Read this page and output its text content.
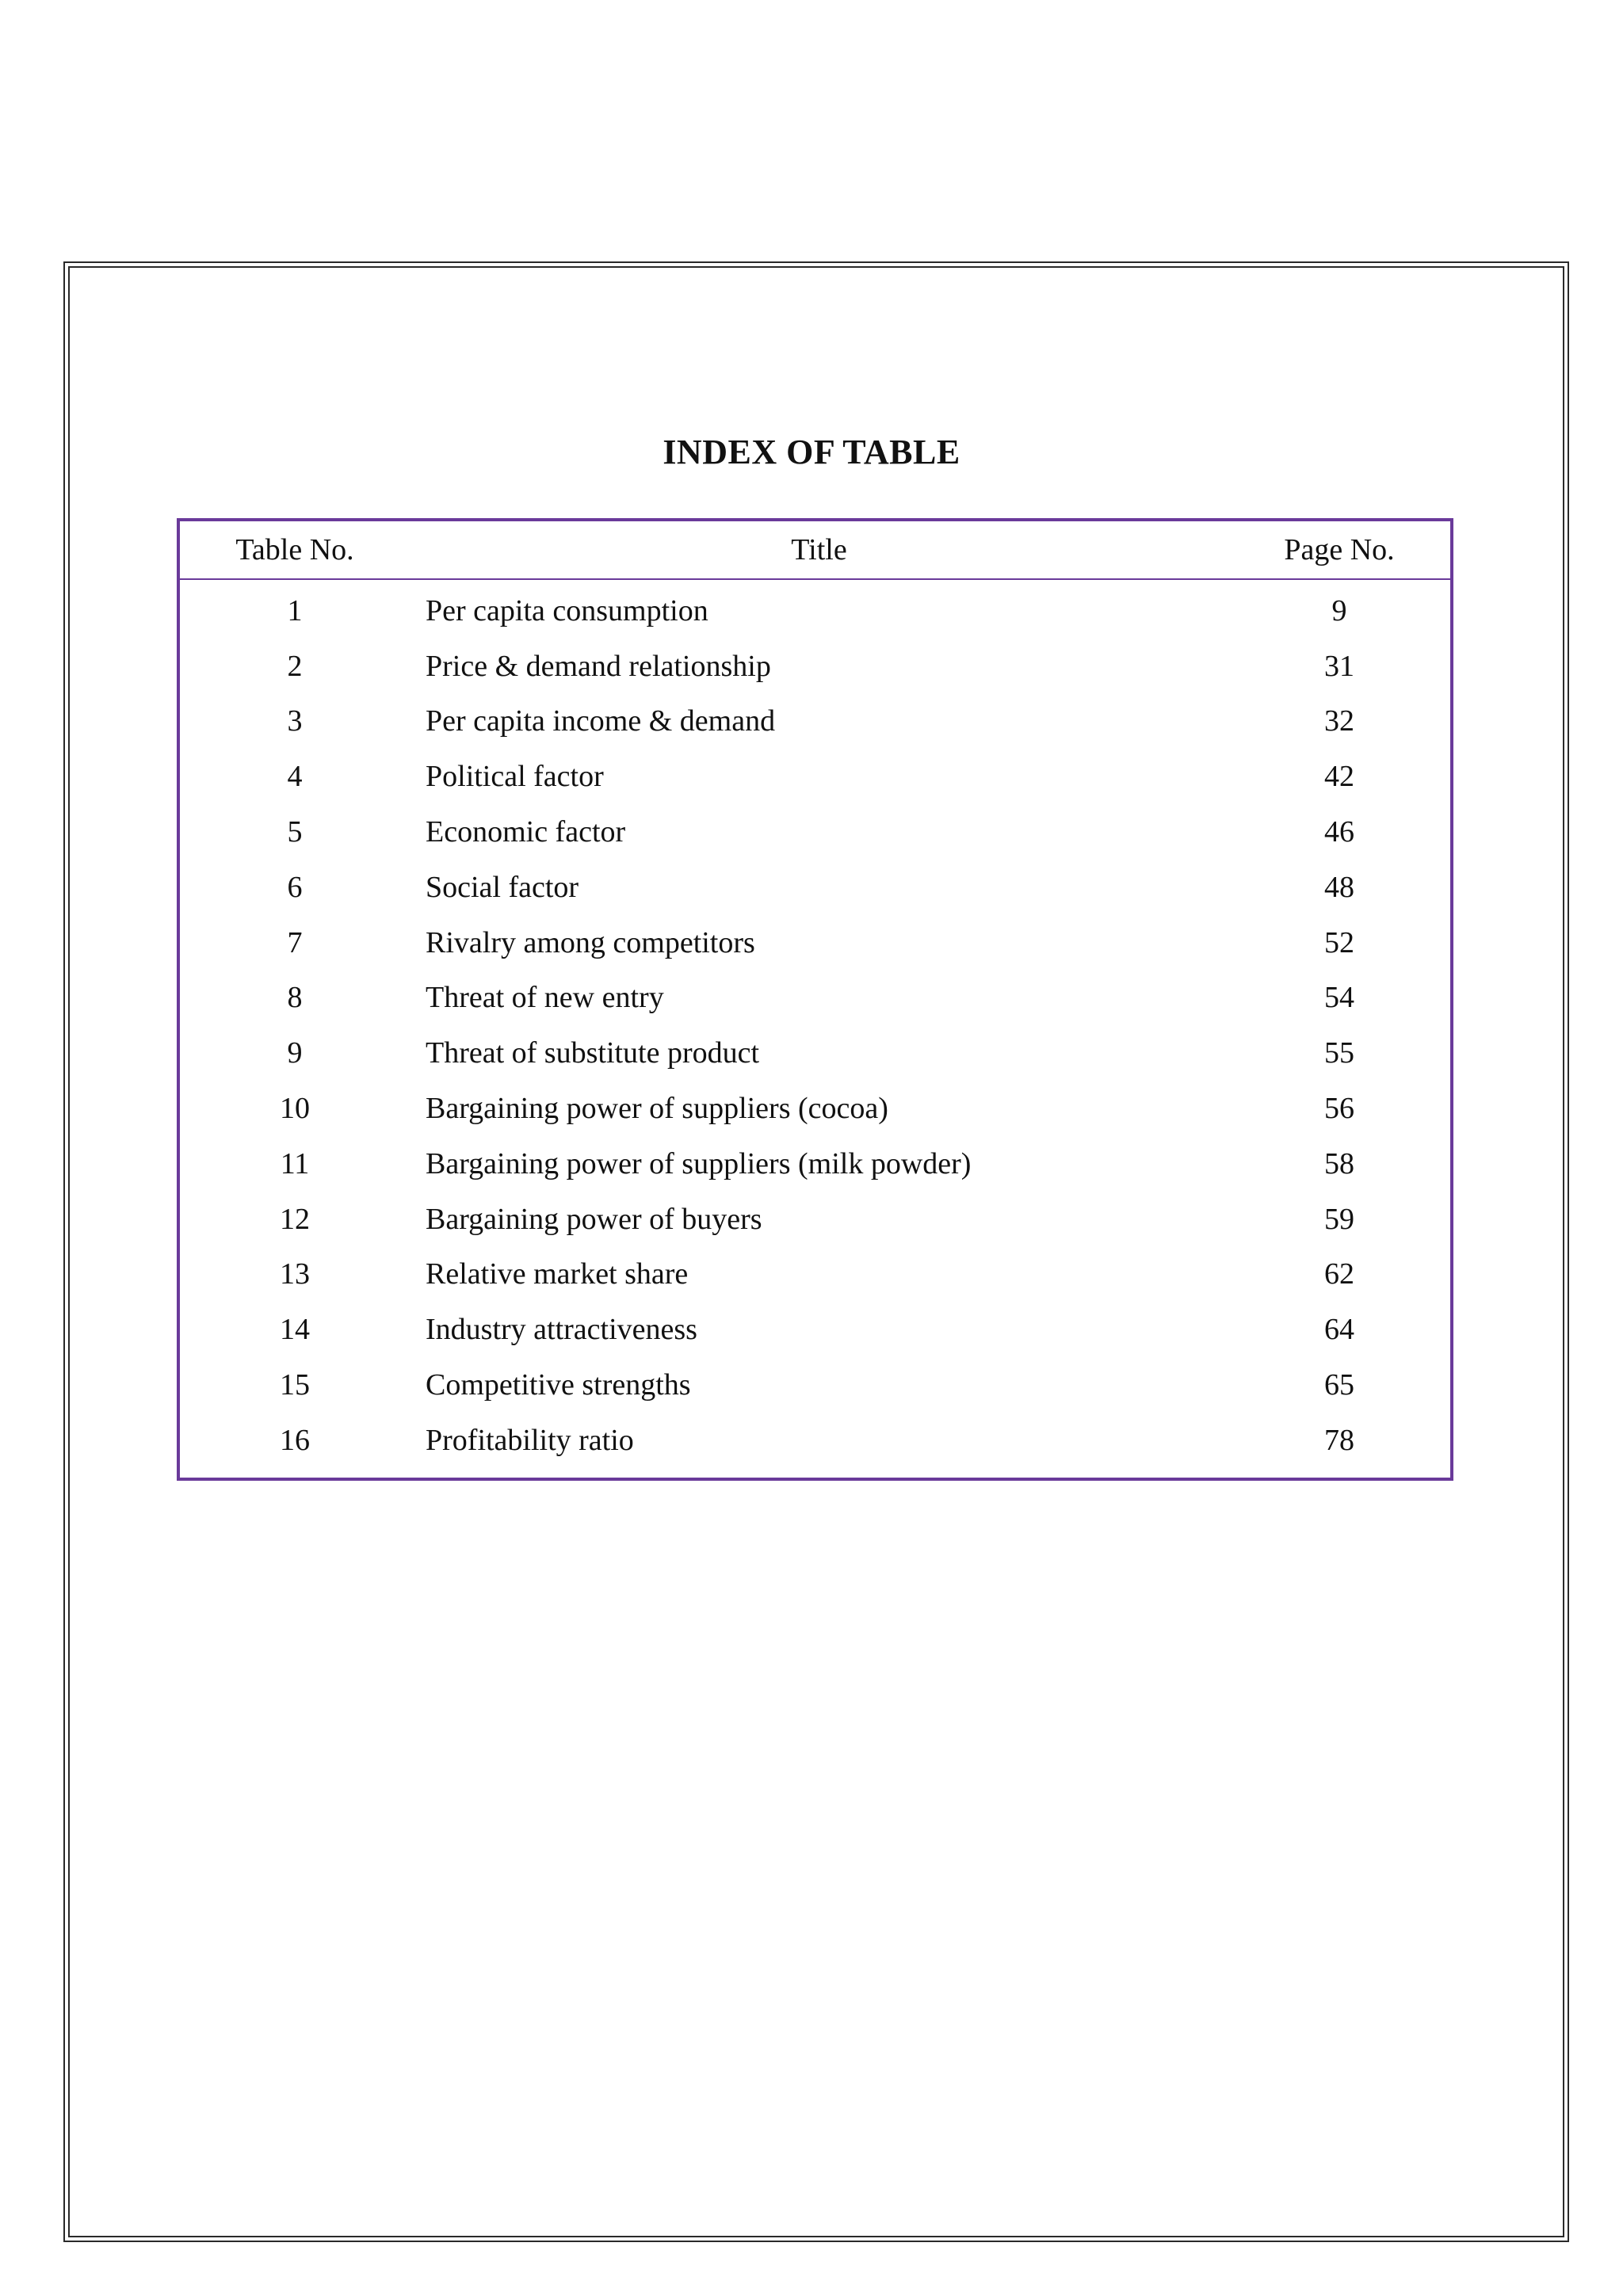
INDEX OF TABLE
Table No.	Title	Page No.
1	Per capita consumption	9
2	Price & demand relationship	31
3	Per capita income & demand	32
4	Political factor	42
5	Economic factor	46
6	Social factor	48
7	Rivalry among competitors	52
8	Threat of new entry	54
9	Threat of substitute product	55
10	Bargaining power of suppliers (cocoa)	56
11	Bargaining power of suppliers (milk powder)	58
12	Bargaining power of buyers	59
13	Relative market share	62
14	Industry attractiveness	64
15	Competitive strengths	65
16	Profitability ratio	78
